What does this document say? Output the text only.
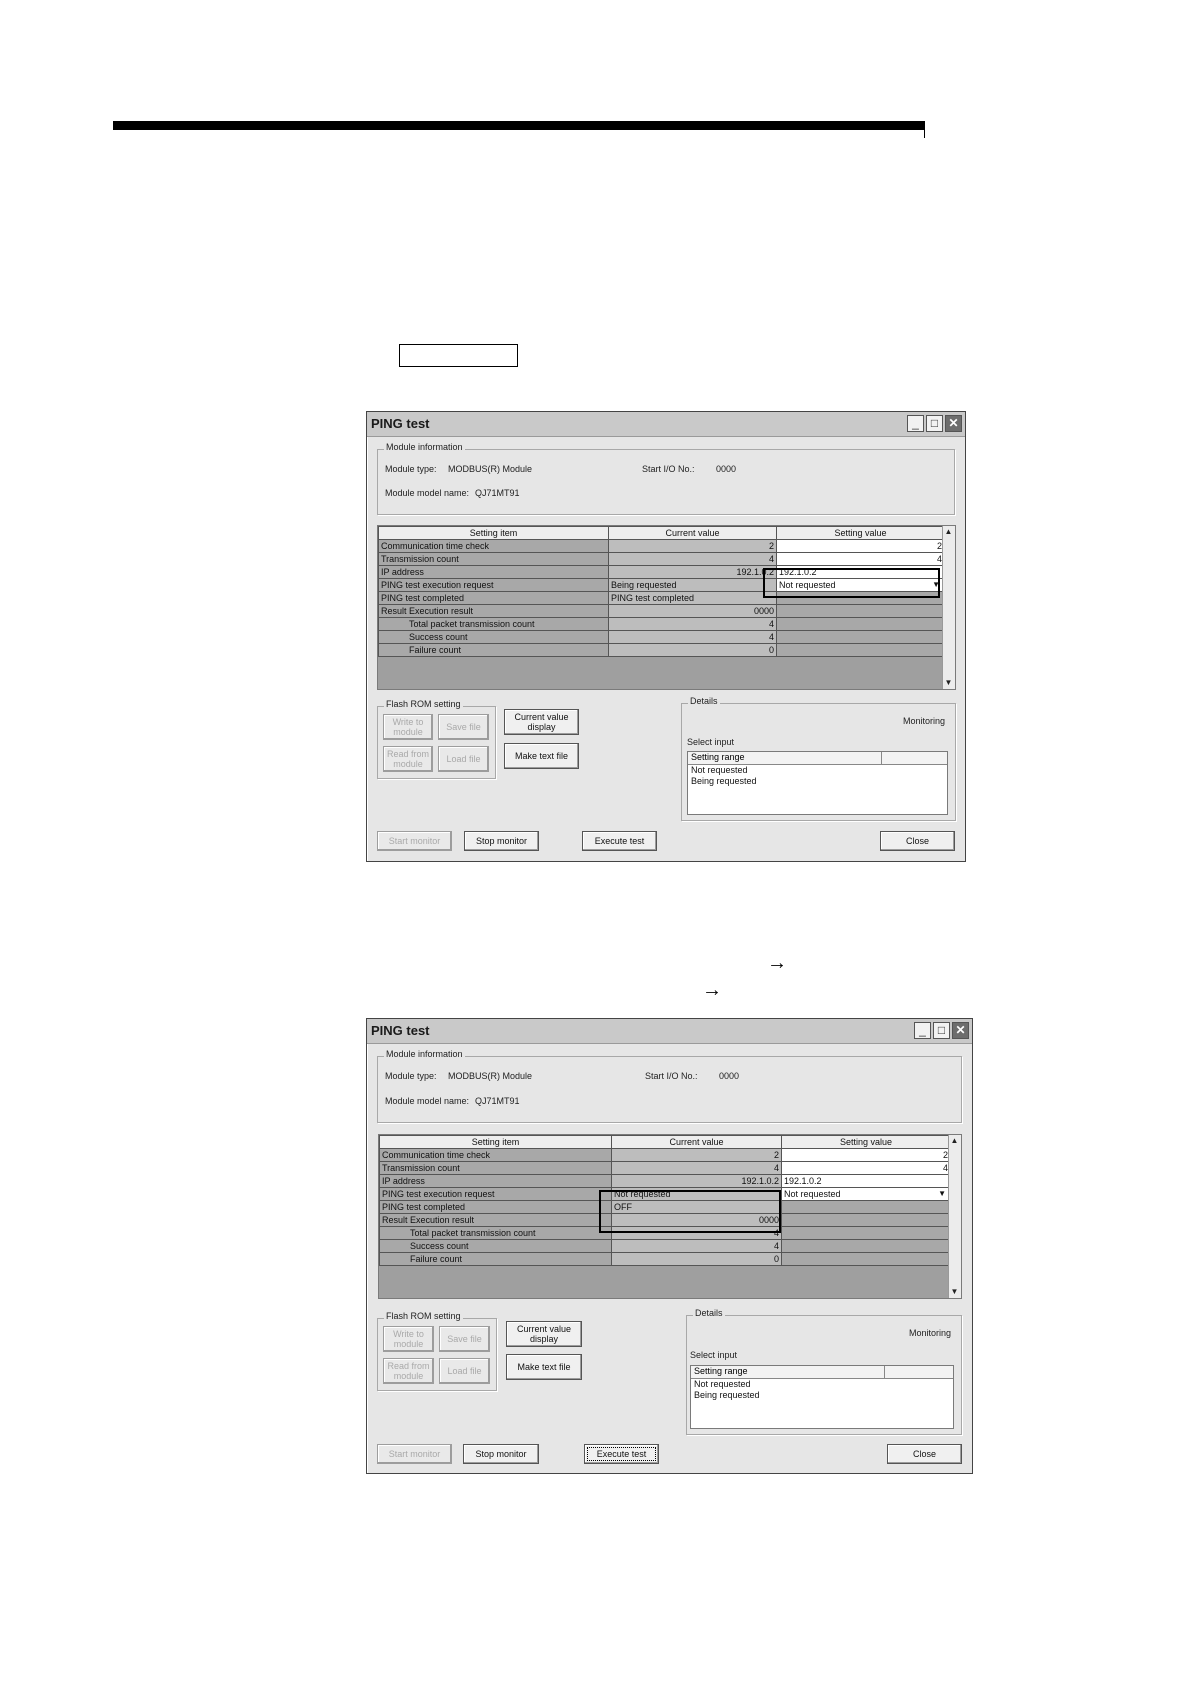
→
→
PING test	_	□ ✕
Module information
Module type: MODBUS(R) Module	Start I/O No.: 0000
Module model name: QJ71MT91
Setting item	Current value	Setting value
Communication time check	2	2
Transmission count	4	4
IP address	192.1.0.2	192.1.0.2
PING test execution request	Being requested	Not requested ▼

PING test completed	PING test completed	
Result Execution result	0000	
Total packet transmission count	4	
Success count	4	
Failure count	0	
▲
▼
Flash ROM setting
Write to
module	Save file
Read from
module	Load file
Current value
display
Make text file
Details
Monitoring
Select input
Setting range
Not requested
Being requested
Start monitor	Stop monitor	Execute test	Close
PING test	_	□ ✕
Module information
Module type: MODBUS(R) Module	Start I/O No.: 0000
Module model name: QJ71MT91
Setting item	Current value	Setting value
Communication time check	2	2
Transmission count	4	4
IP address	192.1.0.2	192.1.0.2
PING test execution request	Not requested	Not requested ▼

PING test completed	OFF	
Result Execution result	0000	
Total packet transmission count	4	
Success count	4	
Failure count	0	
▲
▼
Flash ROM setting
Write to
module	Save file
Read from
module	Load file
Current value
display
Make text file
Details
Monitoring
Select input
Setting range
Not requested
Being requested
Start monitor	Stop monitor	Execute test	Close
